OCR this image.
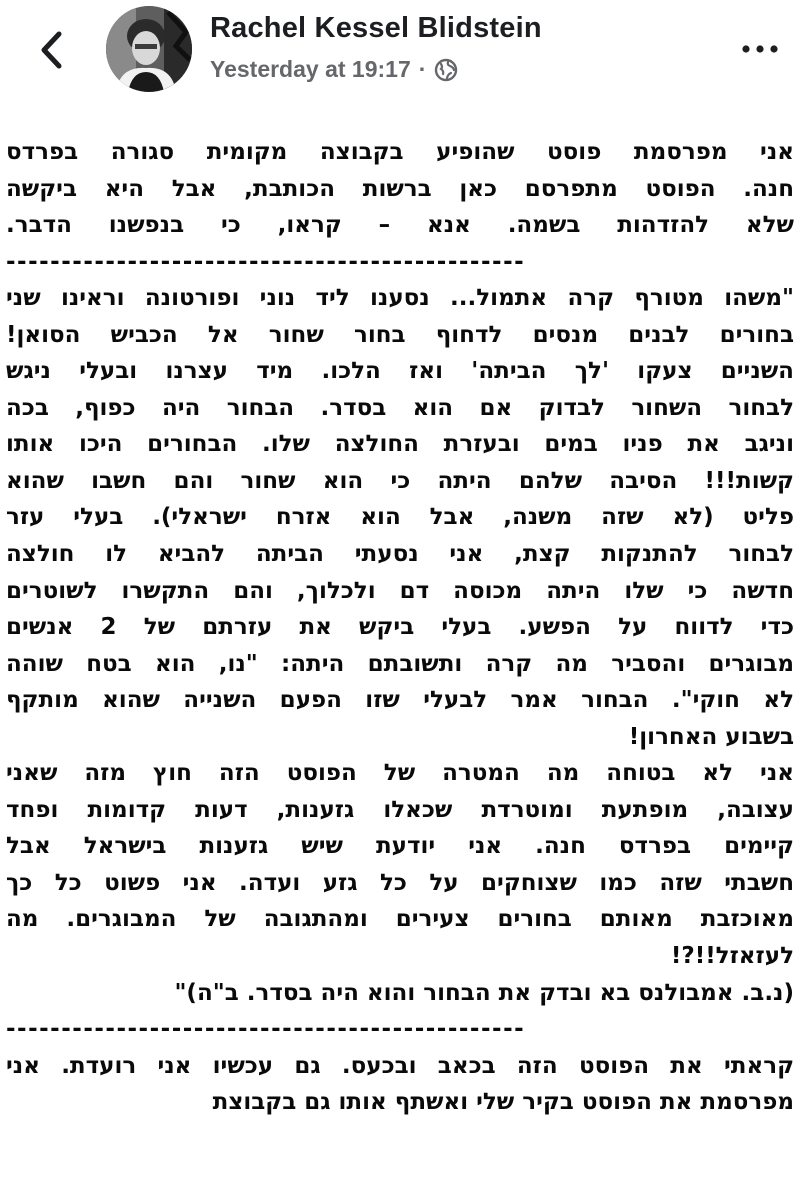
Rachel Kessel Blidstein
Yesterday at 19:17 ·
אני מפרסמת פוסט שהופיע בקבוצה מקומית סגורה בפרדס
חנה. הפוסט מתפרסם כאן ברשות הכותבת, אבל היא ביקשה
שלא להזדהות בשמה. אנא – קראו, כי בנפשנו הדבר.
-----------------------------------------------
"משהו מטורף קרה אתמול... נסענו ליד נוני ופורטונה וראינו שני
בחורים לבנים מנסים לדחוף בחור שחור אל הכביש הסואן!
השניים צעקו 'לך הביתה' ואז הלכו. מיד עצרנו ובעלי ניגש
לבחור השחור לבדוק אם הוא בסדר. הבחור היה כפוף, בכה
וניגב את פניו במים ובעזרת החולצה שלו. הבחורים היכו אותו
קשות!!! הסיבה שלהם היתה כי הוא שחור והם חשבו שהוא
פליט (לא שזה משנה, אבל הוא אזרח ישראלי). בעלי עזר
לבחור להתנקות קצת, אני נסעתי הביתה להביא לו חולצה
חדשה כי שלו היתה מכוסה דם ולכלוך, והם התקשרו לשוטרים
כדי לדווח על הפשע. בעלי ביקש את עזרתם של 2 אנשים
מבוגרים והסביר מה קרה ותשובתם היתה: "נו, הוא בטח שוהה
לא חוקי". הבחור אמר לבעלי שזו הפעם השנייה שהוא מותקף
בשבוע האחרון!
אני לא בטוחה מה המטרה של הפוסט הזה חוץ מזה שאני
עצובה, מופתעת ומוטרדת שכאלו גזענות, דעות קדומות ופחד
קיימים בפרדס חנה. אני יודעת שיש גזענות בישראל אבל
חשבתי שזה כמו שצוחקים על כל גזע ועדה. אני פשוט כל כך
מאוכזבת מאותם בחורים צעירים ומהתגובה של המבוגרים. מה
לעזאזל!!?!
(נ.ב. אמבולנס בא ובדק את הבחור והוא היה בסדר. ב"ה)"
-----------------------------------------------
קראתי את הפוסט הזה בכאב ובכעס. גם עכשיו אני רועדת. אני
מפרסמת את הפוסט בקיר שלי ואשתף אותו גם בקבוצת
